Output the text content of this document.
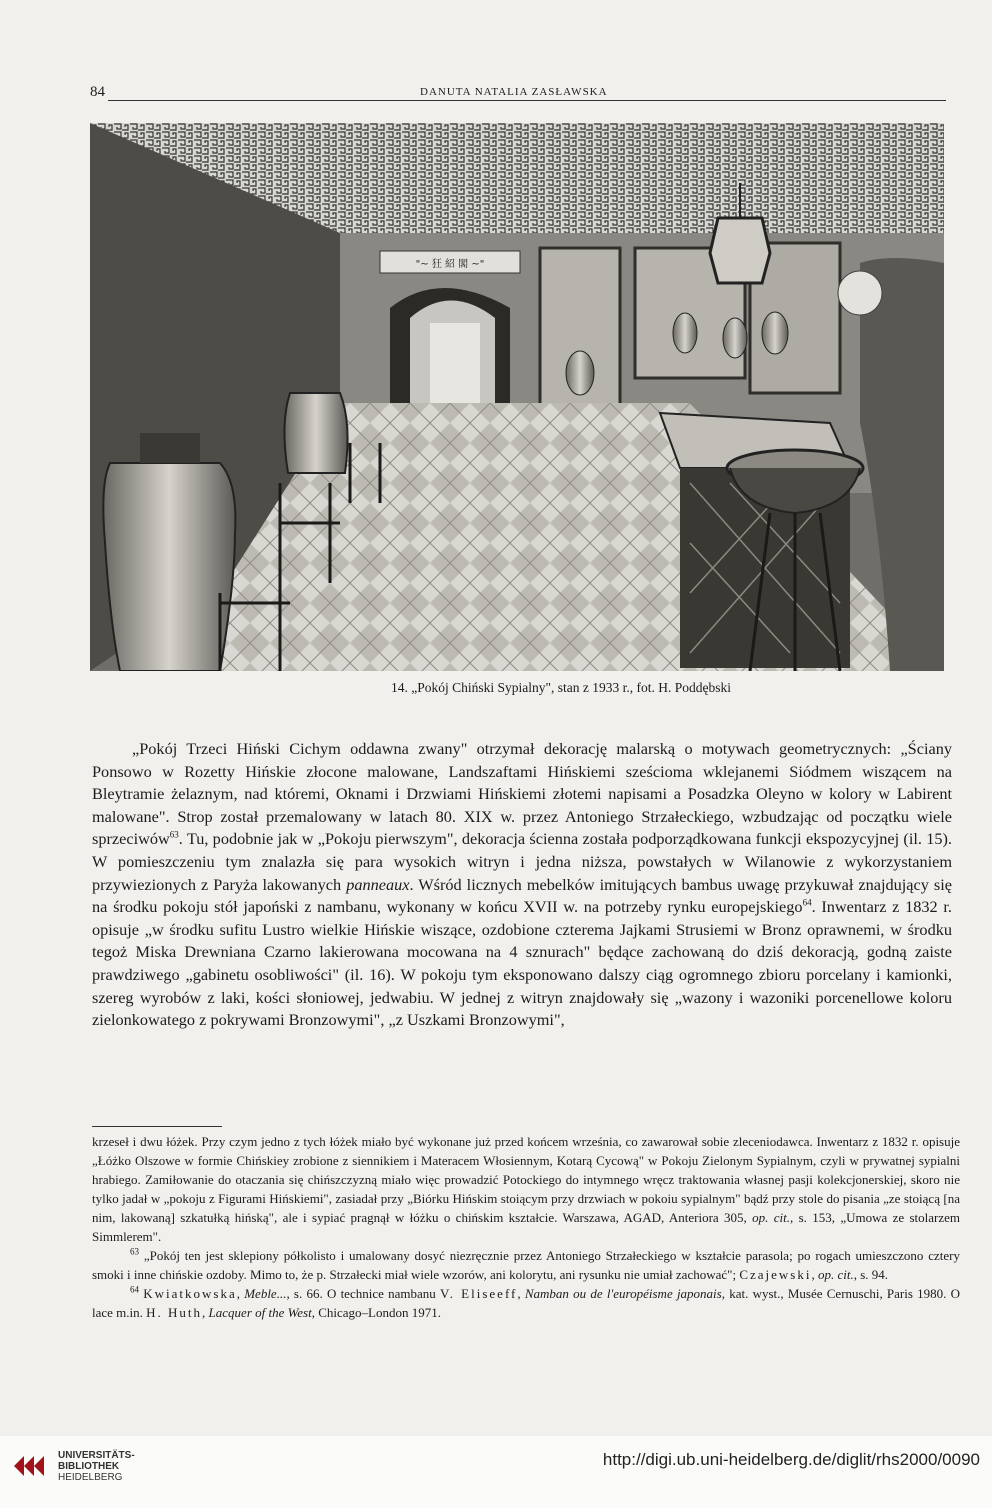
84	DANUTA NATALIA ZASŁAWSKA
"~ 狂 紹 閣 ~"
14. „Pokój Chiński Sypialny", stan z 1933 r., fot. H. Poddębski

„Pokój Trzeci Hiński Cichym oddawna zwany" otrzymał dekorację malarską o motywach geometrycznych: „Ściany Ponsowo w Rozetty Hińskie złocone malowane, Landszaftami Hińskiemi sześcioma wklejanemi Siódmem wiszącem na Bleytramie żelaznym, nad któremi, Oknami i Drzwiami Hińskiemi złotemi napisami a Posadzka Oleyno w kolory w Labirent malowane". Strop został przemalowany w latach 80. XIX w. przez Antoniego Strzałeckiego, wzbudzając od początku wiele sprzeciwów$^{63}$. Tu, podobnie jak w „Pokoju pierwszym", dekoracja ścienna została podporządkowana funkcji ekspozycyjnej (il. 15). W pomieszczeniu tym znalazła się para wysokich witryn i jedna niższa, powstałych w Wilanowie z wykorzystaniem przywiezionych z Paryża lakowanych panneaux. Wśród licznych mebelków imitujących bambus uwagę przykuwał znajdujący się na środku pokoju stół japoński z nambanu, wykonany w końcu XVII w. na potrzeby rynku europejskiego$^{64}$. Inwentarz z 1832 r. opisuje „w środku sufitu Lustro wielkie Hińskie wiszące, ozdobione czterema Jajkami Strusiemi w Bronz oprawnemi, w środku tegoż Miska Drewniana Czarno lakierowana mocowana na 4 sznurach" będące zachowaną do dziś dekoracją, godną zaiste prawdziwego „gabinetu osobliwości" (il. 16). W pokoju tym eksponowano dalszy ciąg ogromnego zbioru porcelany i kamionki, szereg wyrobów z laki, kości słoniowej, jedwabiu. W jednej z witryn znajdowały się „wazony i wazoniki porcenellowe koloru zielonkowatego z pokrywami Bronzowymi", „z Uszkami Bronzowymi",

krzeseł i dwu łóżek. Przy czym jedno z tych łóżek miało być wykonane już przed końcem września, co zawarował sobie zleceniodawca. Inwentarz z 1832 r. opisuje „Łóżko Olszowe w formie Chińskiey zrobione z siennikiem i Materacem Włosiennym, Kotarą Cycową" w Pokoju Zielonym Sypialnym, czyli w prywatnej sypialni hrabiego. Zamiłowanie do otaczania się chińszczyzną miało więc prowadzić Potockiego do intymnego wręcz traktowania własnej pasji kolekcjonerskiej, skoro nie tylko jadał w „pokoju z Figurami Hińskiemi", zasiadał przy „Biórku Hińskim stoiącym przy drzwiach w pokoiu sypialnym" bądź przy stole do pisania „ze stoiącą [na nim, lakowaną] szkatułką hińską", ale i sypiać pragnął w łóżku o chińskim kształcie. Warszawa, AGAD, Anteriora 305, op. cit., s. 153, „Umowa ze stolarzem Simmlerem".

$^{63}$ „Pokój ten jest sklepiony półkolisto i umalowany dosyć niezręcznie przez Antoniego Strzałeckiego w kształcie parasola; po rogach umieszczono cztery smoki i inne chińskie ozdoby. Mimo to, że p. Strzałecki miał wiele wzorów, ani kolorytu, ani rysunku nie umiał zachować"; Czajewski, op. cit., s. 94.

$^{64}$ Kwiatkowska, Meble..., s. 66. O technice nambanu V. Eliseeff, Namban ou de l'européisme japonais, kat. wyst., Musée Cernuschi, Paris 1980. O lace m.in. H. Huth, Lacquer of the West, Chicago–London 1971.

UNIVERSITÄTS-
BIBLIOTHEK
HEIDELBERG
http://digi.ub.uni-heidelberg.de/diglit/rhs2000/0090
